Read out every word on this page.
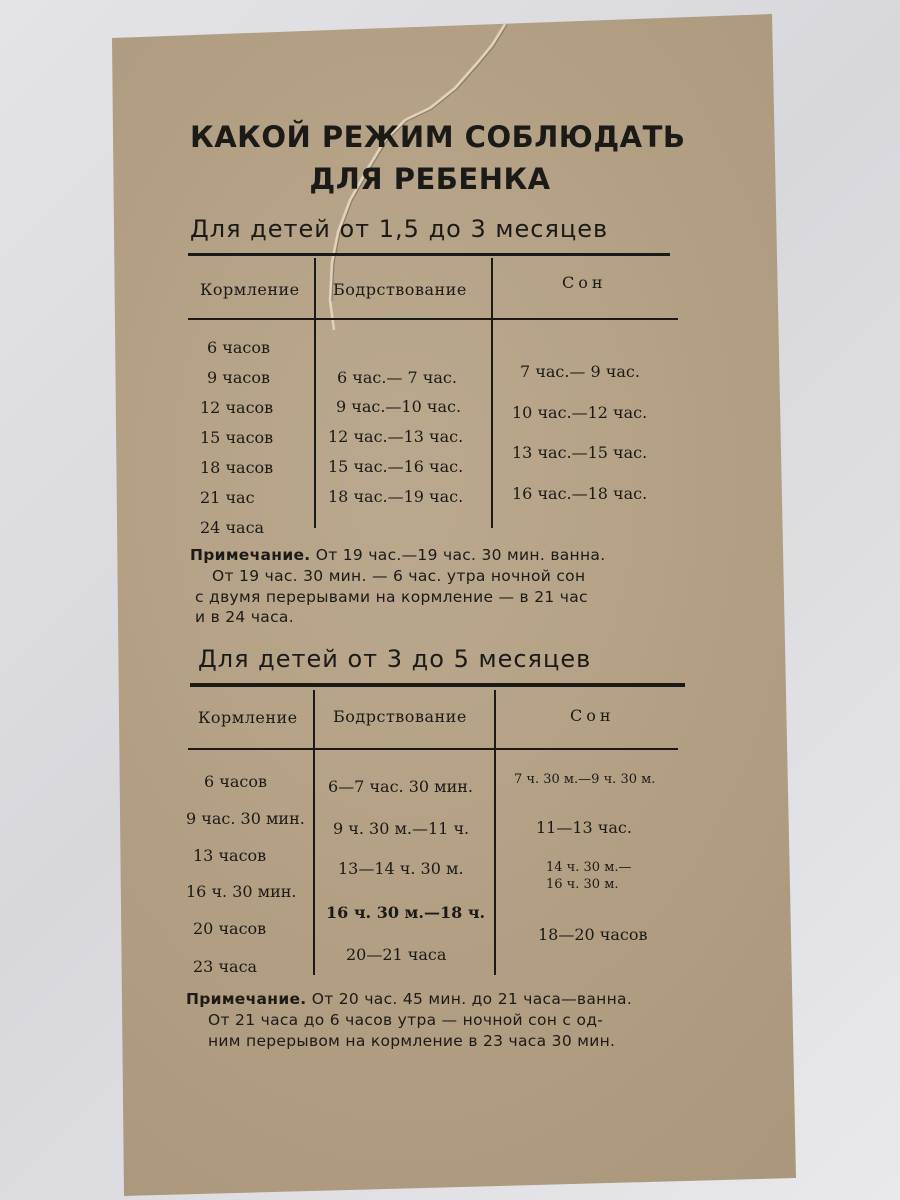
КАКОЙ РЕЖИМ СОБЛЮДАТЬ
ДЛЯ РЕБЕНКА
Для детей от 1,5 до 3 месяцев
Кормление Бодрствование	Сон
6 часов
9 часов
12 часов
15 часов
18 часов
21 час
24 часа
6 час.— 7 час.
9 час.—10 час.
12 час.—13 час.
15 час.—16 час.
18 час.—19 час.
7 час.— 9 час.
10 час.—12 час.
13 час.—15 час.
16 час.—18 час.
Примечание. От 19 час.—19 час. 30 мин. ванна.
От 19 час. 30 мин. — 6 час. утра ночной сон
с двумя перерывами на кормление — в 21 час
и в 24 часа.
Для детей от 3 до 5 месяцев
Кормление Бодрствование	Сон
6 часов
9 час. 30 мин.
13 часов
16 ч. 30 мин.
20 часов
23 часа
6—7 час. 30 мин.
9 ч. 30 м.—11 ч.
13—14 ч. 30 м.
16 ч. 30 м.—18 ч.
20—21 часа
7 ч. 30 м.—9 ч. 30 м.
11—13 час.
14 ч. 30 м.—
16 ч. 30 м.
18—20 часов
Примечание. От 20 час. 45 мин. до 21 часа—ванна.
От 21 часа до 6 часов утра — ночной сон с од-
ним перерывом на кормление в 23 часа 30 мин.
